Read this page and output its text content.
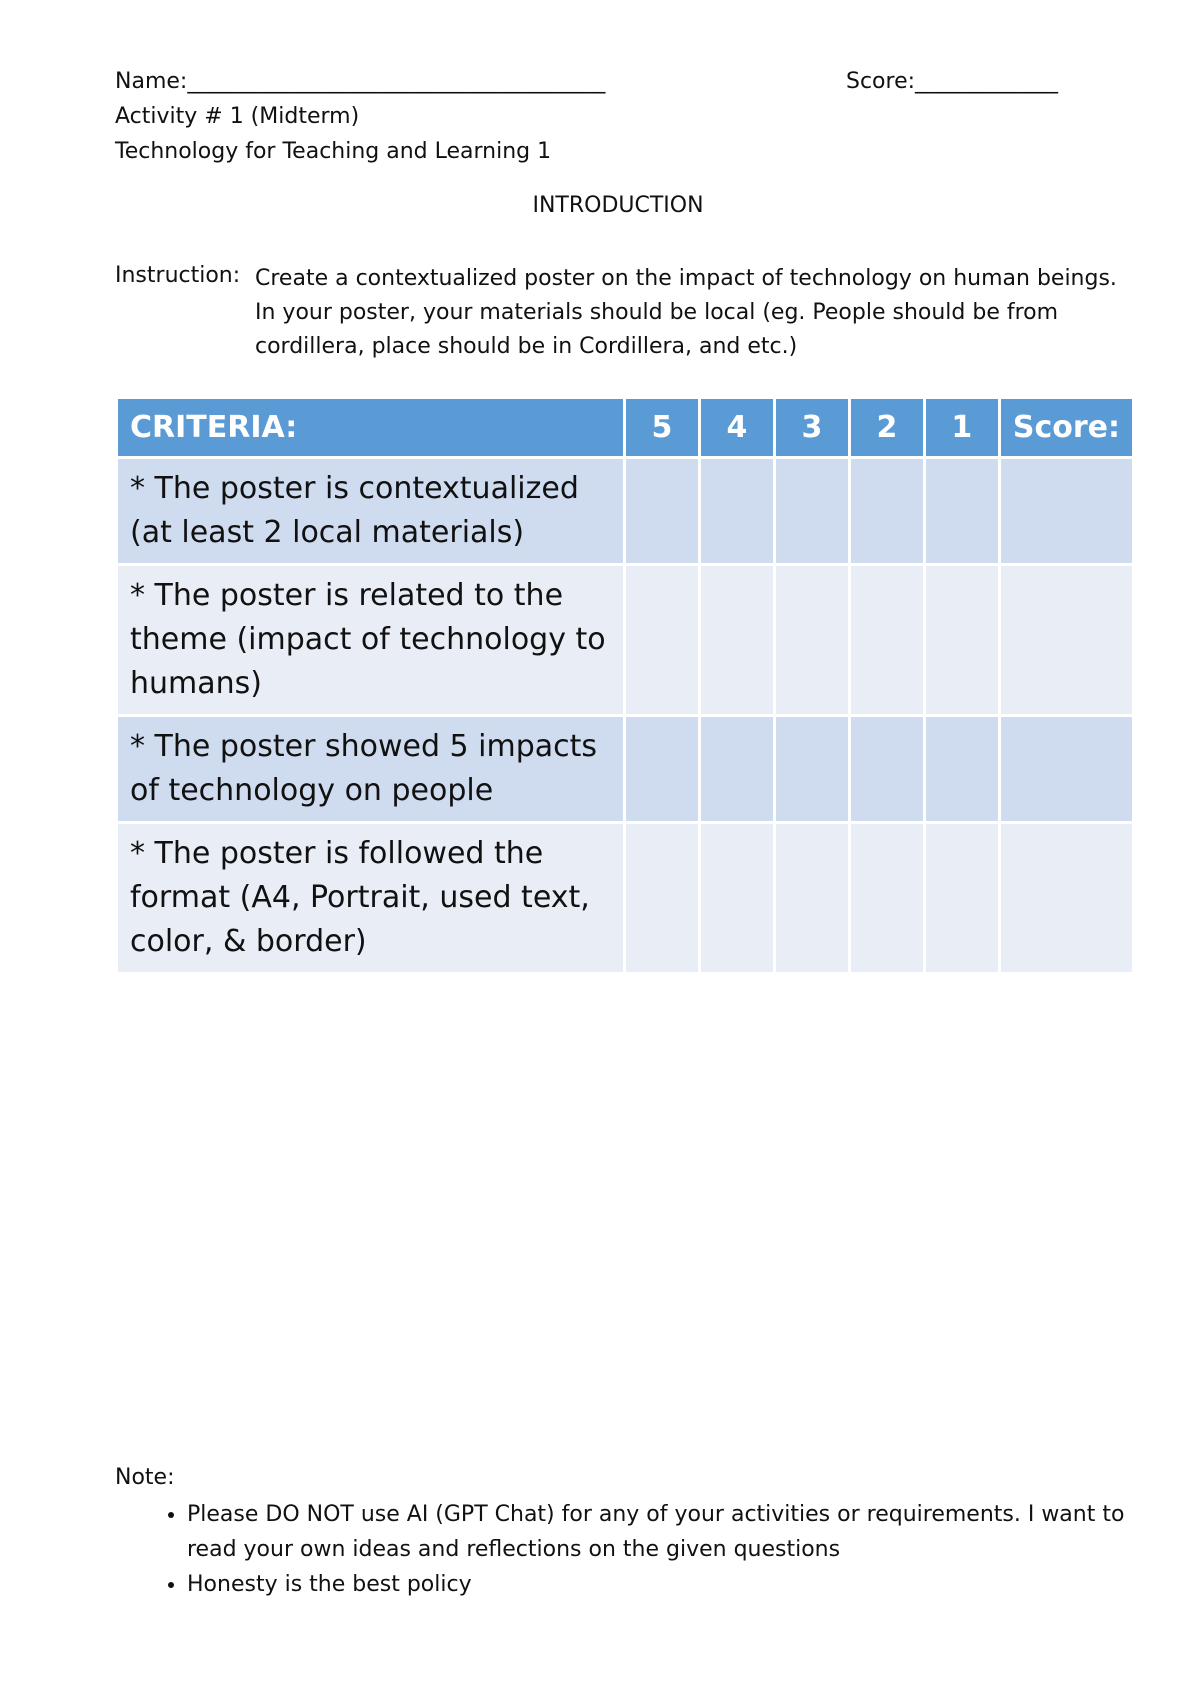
Name:______________________________________	Score:_____________
Activity # 1 (Midterm)
Technology for Teaching and Learning 1
INTRODUCTION
Instruction: Create a contextualized poster on the impact of technology on human beings. In your poster, your materials should be local (eg. People should be from cordillera, place should be in Cordillera, and etc.)
CRITERIA:	5	4	3	2	1	Score:
* The poster is contextualized (at least 2 local materials)						
* The poster is related to the theme (impact of technology to humans)						
* The poster showed 5 impacts of technology on people						
* The poster is followed the format (A4, Portrait, used text, color, & border)						
Note:
• Please DO NOT use AI (GPT Chat) for any of your activities or requirements. I want to read your own ideas and reflections on the given questions
• Honesty is the best policy
